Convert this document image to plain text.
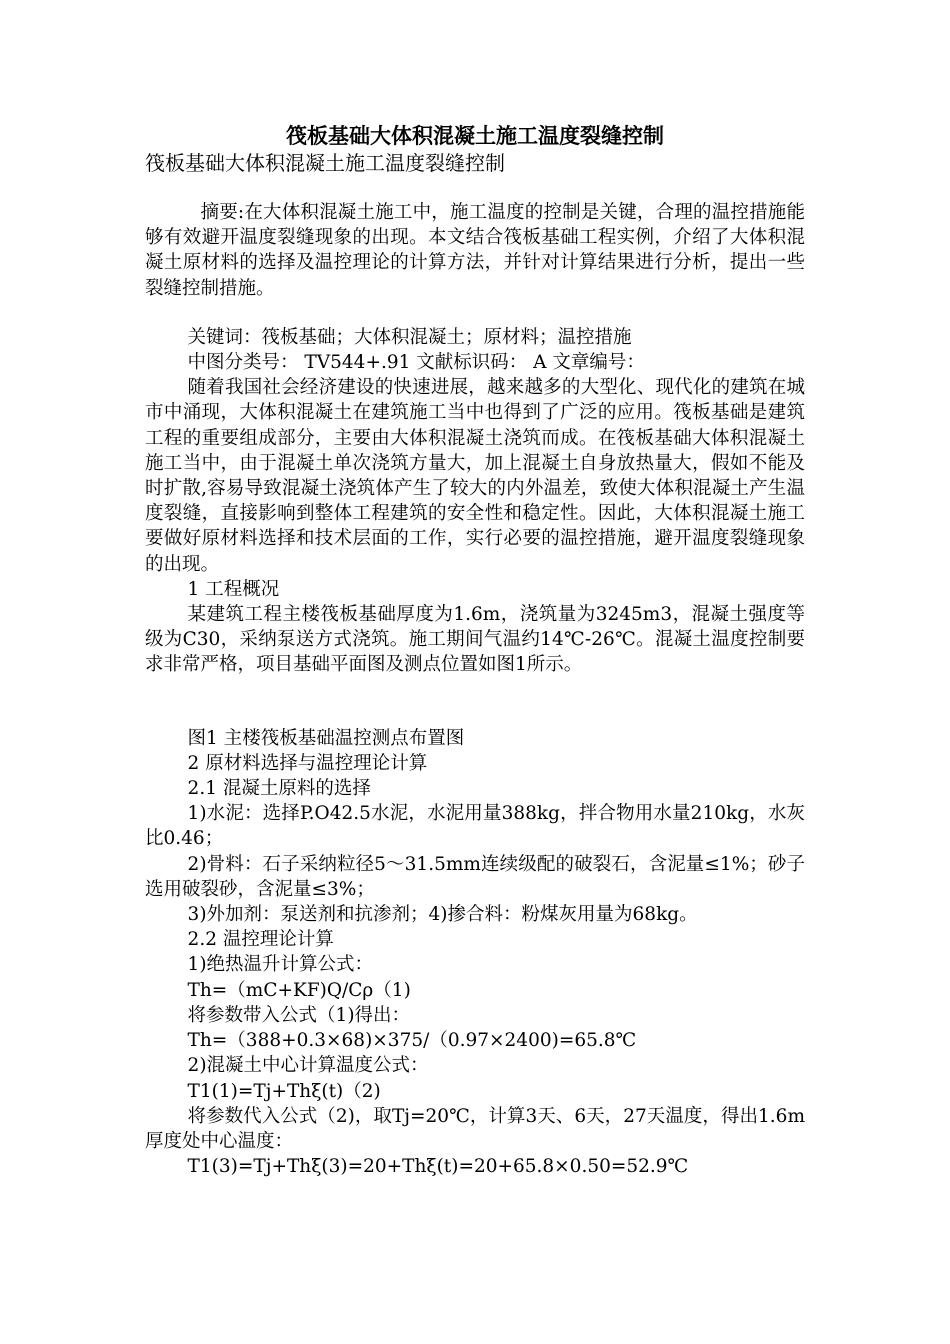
筏板基础大体积混凝土施工温度裂缝控制
筏板基础大体积混凝土施工温度裂缝控制

摘要:在大体积混凝土施工中，施工温度的控制是关键，合理的温控措施能够有效避开温度裂缝现象的出现。本文结合筏板基础工程实例，介绍了大体积混凝土原材料的选择及温控理论的计算方法，并针对计算结果进行分析，提出一些裂缝控制措施。

关键词：筏板基础；大体积混凝土；原材料；温控措施

中图分类号： TV544+.91 文献标识码： A 文章编号：

随着我国社会经济建设的快速进展，越来越多的大型化、现代化的建筑在城市中涌现，大体积混凝土在建筑施工当中也得到了广泛的应用。筏板基础是建筑工程的重要组成部分，主要由大体积混凝土浇筑而成。在筏板基础大体积混凝土施工当中，由于混凝土单次浇筑方量大，加上混凝土自身放热量大，假如不能及时扩散,容易导致混凝土浇筑体产生了较大的内外温差，致使大体积混凝土产生温度裂缝，直接影响到整体工程建筑的安全性和稳定性。因此，大体积混凝土施工要做好原材料选择和技术层面的工作，实行必要的温控措施，避开温度裂缝现象的出现。

1 工程概况

某建筑工程主楼筏板基础厚度为1.6m，浇筑量为3245m3，混凝土强度等级为C30，采纳泵送方式浇筑。施工期间气温约14℃-26℃。混凝土温度控制要求非常严格，项目基础平面图及测点位置如图1所示。

图1 主楼筏板基础温控测点布置图

2 原材料选择与温控理论计算

2.1 混凝土原料的选择

1)水泥：选择P.O42.5水泥，水泥用量388kg，拌合物用水量210kg，水灰比0.46；

2)骨料：石子采纳粒径5～31.5mm连续级配的破裂石，含泥量≤1%；砂子选用破裂砂，含泥量≤3%；

3)外加剂：泵送剂和抗渗剂；4)掺合料：粉煤灰用量为68kg。

2.2 温控理论计算

1)绝热温升计算公式：

Th=（mC+KF)Q/Cρ（1)

将参数带入公式（1)得出：

Th=（388+0.3×68)×375/（0.97×2400)=65.8℃

2)混凝土中心计算温度公式：

T1(1)=Tj+Thξ(t)（2)

将参数代入公式（2)，取Tj=20℃，计算3天、6天，27天温度，得出1.6m厚度处中心温度：

T1(3)=Tj+Thξ(3)=20+Thξ(t)=20+65.8×0.50=52.9℃
